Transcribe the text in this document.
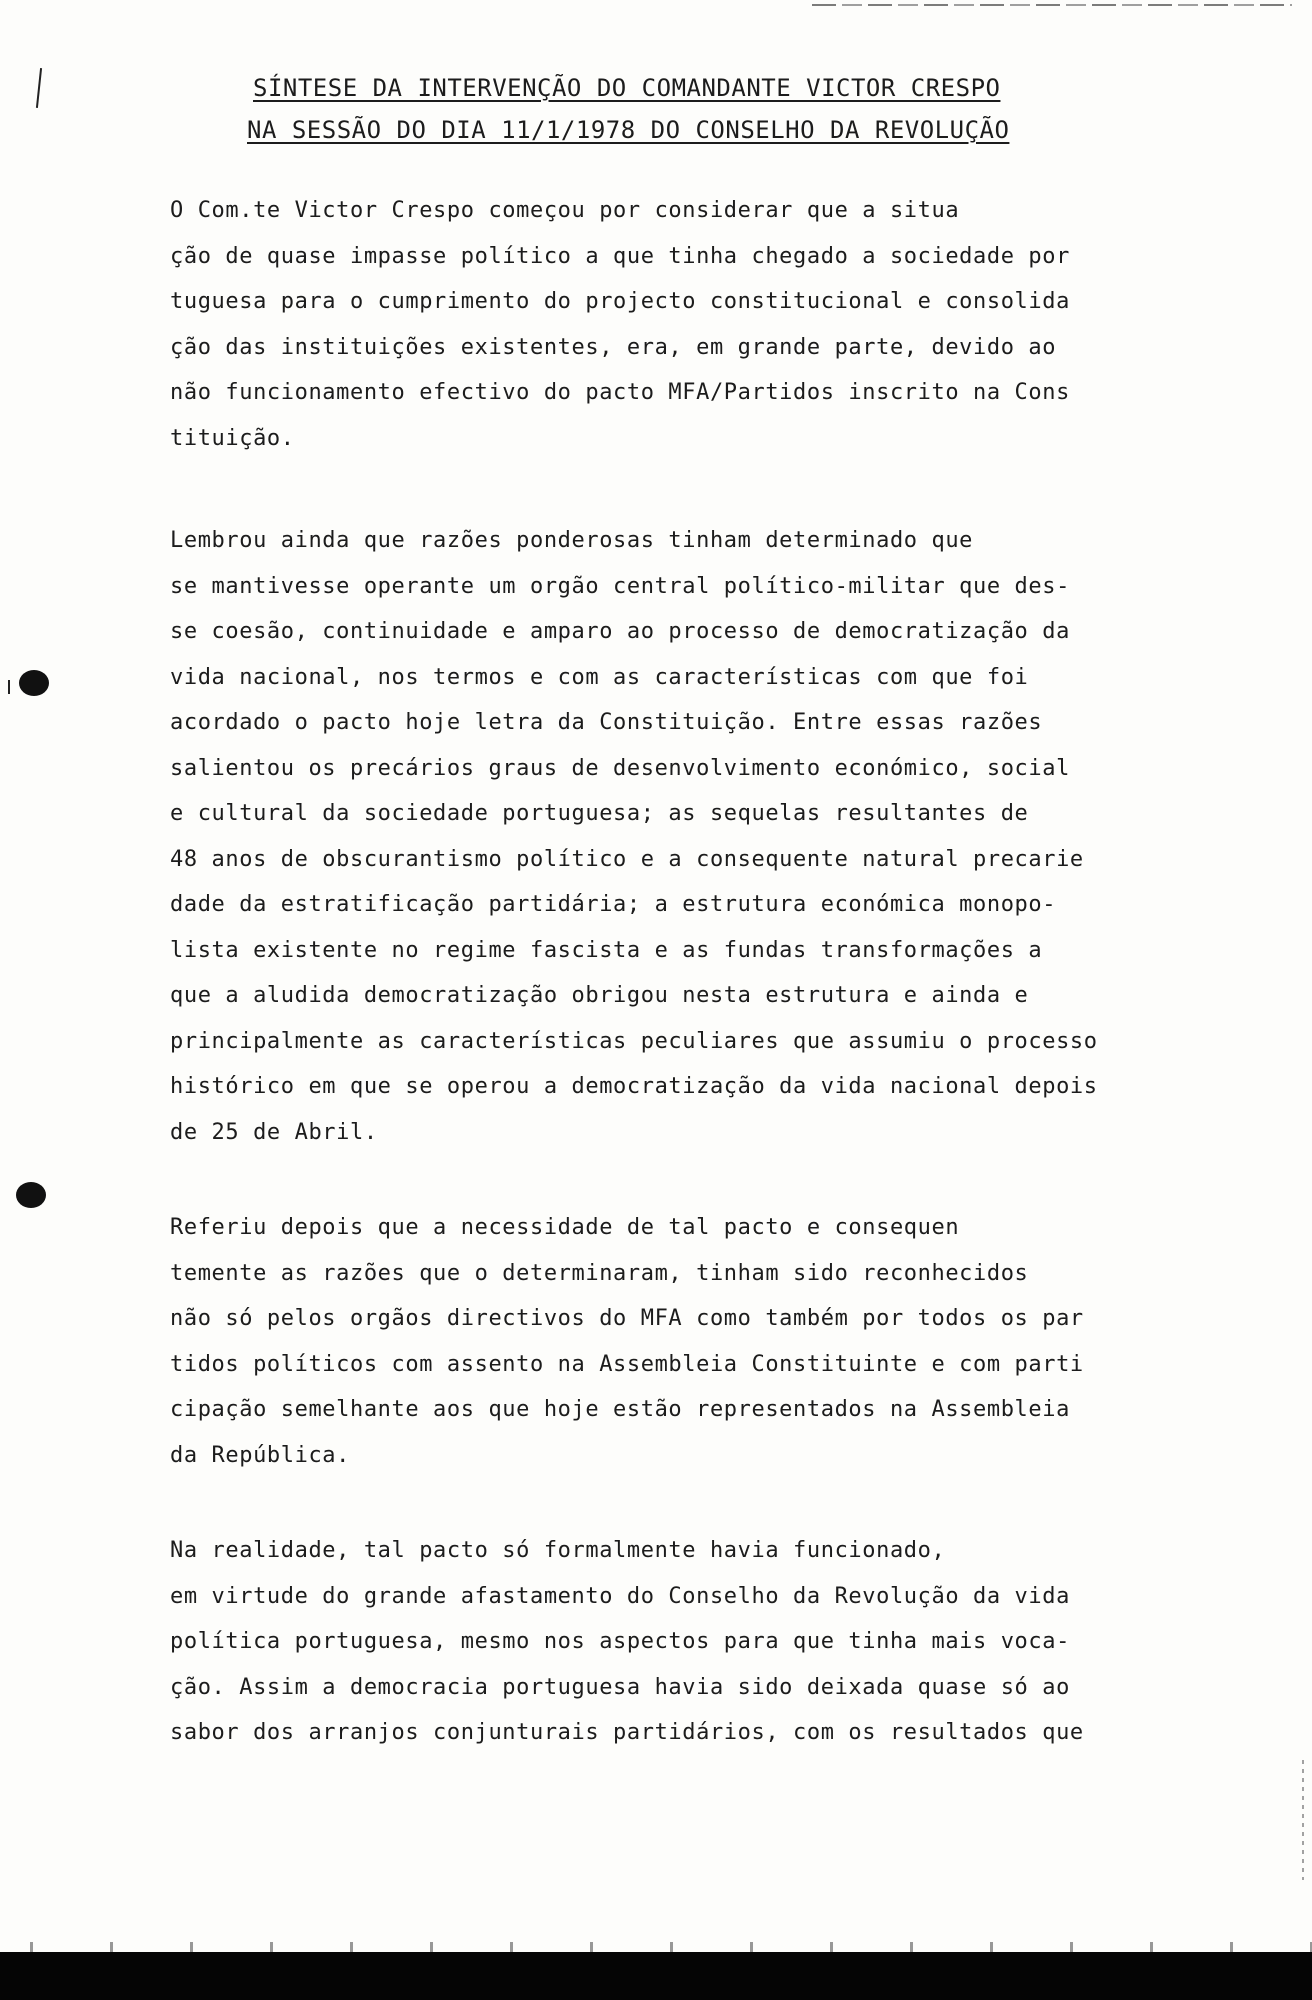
SÍNTESE DA INTERVENÇÃO DO COMANDANTE VICTOR CRESPO
NA SESSÃO DO DIA 11/1/1978 DO CONSELHO DA REVOLUÇÃO

O Com.te Victor Crespo começou por considerar que a situa
ção de quase impasse político a que tinha chegado a sociedade por
tuguesa para o cumprimento do projecto constitucional e consolida
ção das instituições existentes, era, em grande parte, devido ao
não funcionamento efectivo do pacto MFA/Partidos inscrito na Cons
tituição.

Lembrou ainda que razões ponderosas tinham determinado que
se mantivesse operante um orgão central político-militar que des-
se coesão, continuidade e amparo ao processo de democratização da
vida nacional, nos termos e com as características com que foi
acordado o pacto hoje letra da Constituição. Entre essas razões
salientou os precários graus de desenvolvimento económico, social
e cultural da sociedade portuguesa; as sequelas resultantes de
48 anos de obscurantismo político e a consequente natural precarie
dade da estratificação partidária; a estrutura económica monopo-
lista existente no regime fascista e as fundas transformações a
que a aludida democratização obrigou nesta estrutura e ainda e
principalmente as características peculiares que assumiu o processo
histórico em que se operou a democratização da vida nacional depois
de 25 de Abril.

Referiu depois que a necessidade de tal pacto e consequen
temente as razões que o determinaram, tinham sido reconhecidos
não só pelos orgãos directivos do MFA como também por todos os par
tidos políticos com assento na Assembleia Constituinte e com parti
cipação semelhante aos que hoje estão representados na Assembleia
da República.

Na realidade, tal pacto só formalmente havia funcionado,
em virtude do grande afastamento do Conselho da Revolução da vida
política portuguesa, mesmo nos aspectos para que tinha mais voca-
ção. Assim a democracia portuguesa havia sido deixada quase só ao
sabor dos arranjos conjunturais partidários, com os resultados que
